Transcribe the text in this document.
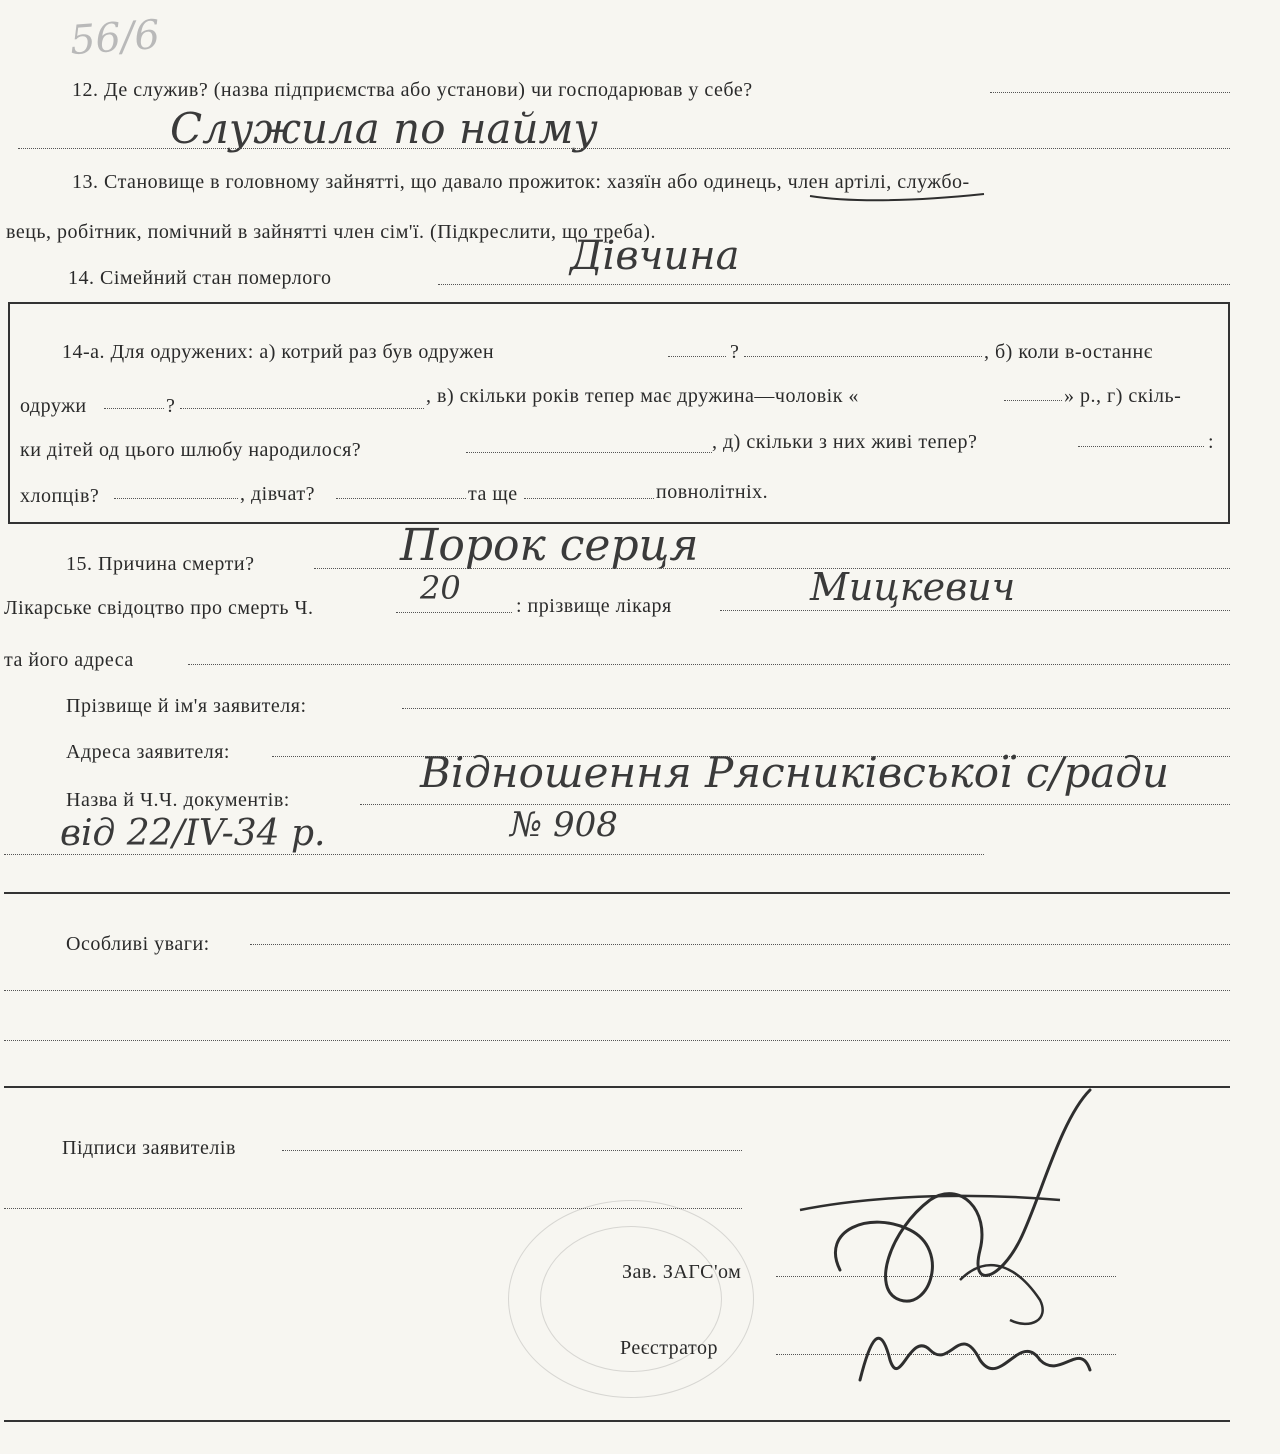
56/6
12. Де служив? (назва підприємства або установи) чи господарював у себе?
Служила по найму
13. Становище в головному зайнятті, що давало прожиток: хазяїн або одинець, член артілі, службо-
вець, робітник, помічний в зайнятті член сім'ї. (Підкреслити, що треба).
Дівчина
14. Сімейний стан померлого
14-а. Для одружених: а) котрий раз був одружен	?	, б) коли в-останнє
одружи	?	, в) скільки років тепер має дружина—чоловік «	» р., г) скіль-
ки дітей од цього шлюбу народилося?	, д) скільки з них живі тепер?	:
хлопців?	, дівчат?	та ще	повнолітніх.
Порок серця
15. Причина смерти?
Лікарське свідоцтво про смерть Ч.
20	: прізвище лікаря	Мицкевич
та його адреса
Прізвище й ім'я заявителя:
Адреса заявителя:	Відношення Рясниківської с/ради
Назва й Ч.Ч. документів:
від 22/IV-34 р.	№ 908
Особливі уваги:
Підписи заявителів
Зав. ЗАГС'ом
Реєстратор
